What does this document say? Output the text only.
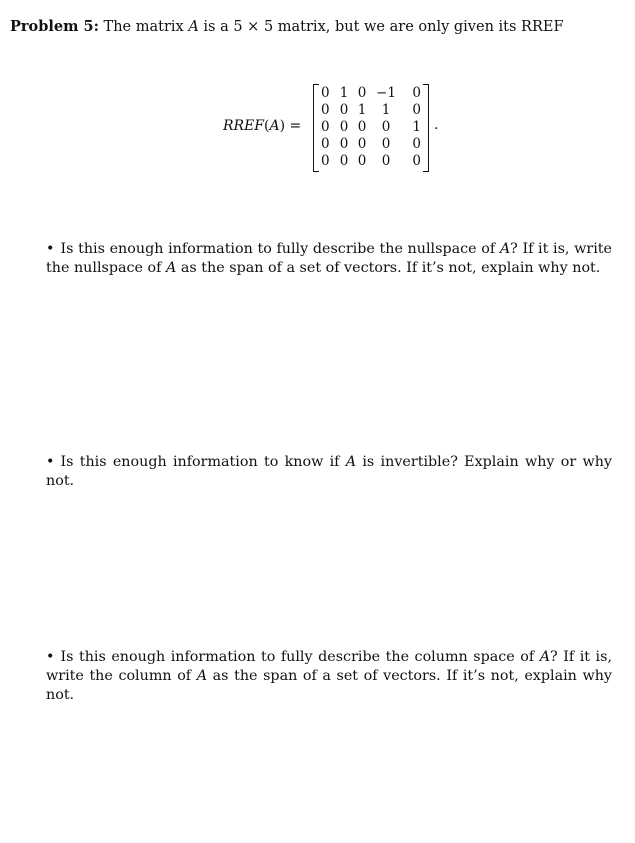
Problem 5: The matrix A is a 5 × 5 matrix, but we are only given its RREF
RREF(A) =
0 1 0 −1	0
0 0 1	1	0
0 0 0	0	1
0 0 0	0	0
0 0 0	0	0
.
• Is this enough information to fully describe the nullspace of A? If it is, write the nullspace of A as the span of a set of vectors. If it’s not, explain why not.
• Is this enough information to know if A is invertible? Explain why or why not.
• Is this enough information to fully describe the column space of A? If it is, write the column of A as the span of a set of vectors. If it’s not, explain why not.
